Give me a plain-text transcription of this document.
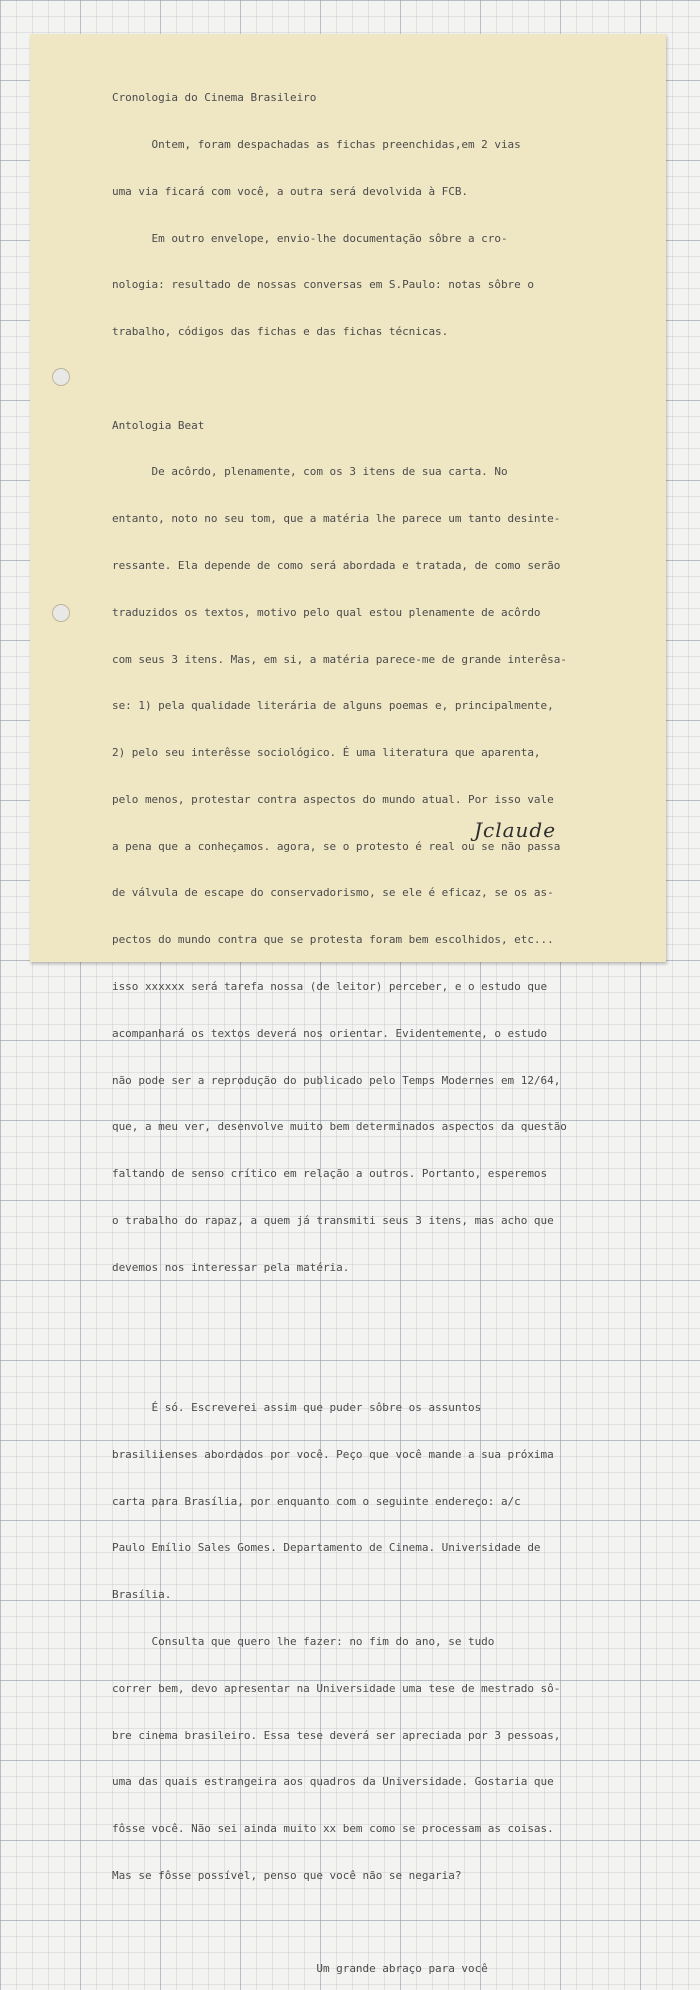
Cronologia do Cinema Brasileiro

Ontem, foram despachadas as fichas preenchidas,em 2 vias

uma via ficará com você, a outra será devolvida à FCB.

Em outro envelope, envio-lhe documentação sôbre a cro-

nologia: resultado de nossas conversas em S.Paulo: notas sôbre o

trabalho, códigos das fichas e das fichas técnicas.

Antologia Beat

De acôrdo, plenamente, com os 3 itens de sua carta. No

entanto, noto no seu tom, que a matéria lhe parece um tanto desinte-

ressante. Ela depende de como será abordada e tratada, de como serão

traduzidos os textos, motivo pelo qual estou plenamente de acôrdo

com seus 3 itens. Mas, em si, a matéria parece-me de grande interêsa-

se: 1) pela qualidade literária de alguns poemas e, principalmente,

2) pelo seu interêsse sociológico. É uma literatura que aparenta,

pelo menos, protestar contra aspectos do mundo atual. Por isso vale

a pena que a conheçamos. agora, se o protesto é real ou se não passa

de válvula de escape do conservadorismo, se ele é eficaz, se os as-

pectos do mundo contra que se protesta foram bem escolhidos, etc...

isso xxxxxx será tarefa nossa (de leitor) perceber, e o estudo que

acompanhará os textos deverá nos orientar. Evidentemente, o estudo

não pode ser a reprodução do publicado pelo Temps Modernes em 12/64,

que, a meu ver, desenvolve muito bem determinados aspectos da questão

faltando de senso crítico em relação a outros. Portanto, esperemos

o trabalho do rapaz, a quem já transmiti seus 3 itens, mas acho que

devemos nos interessar pela matéria.

É só. Escreverei assim que puder sôbre os assuntos

brasiliienses abordados por você. Peço que você mande a sua próxima

carta para Brasília, por enquanto com o seguinte endereço: a/c

Paulo Emílio Sales Gomes. Departamento de Cinema. Universidade de

Brasília.

Consulta que quero lhe fazer: no fim do ano, se tudo

correr bem, devo apresentar na Universidade uma tese de mestrado sô-

bre cinema brasileiro. Essa tese deverá ser apreciada por 3 pessoas,

uma das quais estrangeira aos quadros da Universidade. Gostaria que

fôsse você. Não sei ainda muito xx bem como se processam as coisas.

Mas se fôsse possível, penso que você não se negaria?

Um grande abraço para você

Jclaude
